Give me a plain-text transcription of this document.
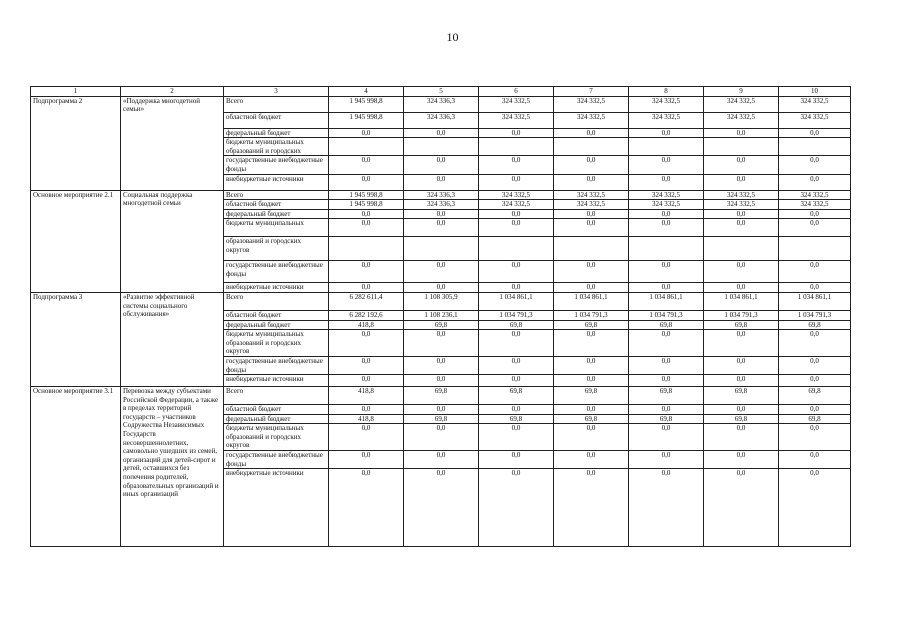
10
1	2	3	4	5	6	7	8	9	10
Подпрограмма 2	«Поддержка многодетной семьи»	Всего	1 945 998,8	324 336,3	324 332,5	324 332,5	324 332,5	324 332,5	324 332,5
		областной бюджет	1 945 998,8	324 336,3	324 332,5	324 332,5	324 332,5	324 332,5	324 332,5
		федеральный бюджет	0,0	0,0	0,0	0,0	0,0	0,0	0,0
		бюджеты муниципальных образований и городских							
		государственные внебюджетные фонды	0,0	0,0	0,0	0,0	0,0	0,0	0,0
		внебюджетные источники	0,0	0,0	0,0	0,0	0,0	0,0	0,0
Основное мероприятие 2.1	Социальная поддержка многодетной семьи	Всего	1 945 998,8	324 336,3	324 332,5	324 332,5	324 332,5	324 332,5	324 332,5
		областной бюджет	1 945 998,8	324 336,3	324 332,5	324 332,5	324 332,5	324 332,5	324 332,5
		федеральный бюджет	0,0	0,0	0,0	0,0	0,0	0,0	0,0
		бюджеты муниципальных	0,0	0,0	0,0	0,0	0,0	0,0	0,0
		образований и городских округов							
		государственные внебюджетные фонды	0,0	0,0	0,0	0,0	0,0	0,0	0,0
		внебюджетные источники	0,0	0,0	0,0	0,0	0,0	0,0	0,0
Подпрограмма 3	«Развитие эффективной системы социального обслуживания»	Всего	6 282 611,4	1 108 305,9	1 034 861,1	1 034 861,1	1 034 861,1	1 034 861,1	1 034 861,1
		областной бюджет	6 282 192,6	1 108 236,1	1 034 791,3	1 034 791,3	1 034 791,3	1 034 791,3	1 034 791,3
		федеральный бюджет	418,8	69,8	69,8	69,8	69,8	69,8	69,8
		бюджеты муниципальных образований и городских округов	0,0	0,0	0,0	0,0	0,0	0,0	0,0
		государственные внебюджетные фонды	0,0	0,0	0,0	0,0	0,0	0,0	0,0
		внебюджетные источники	0,0	0,0	0,0	0,0	0,0	0,0	0,0
Основное мероприятие 3.1	Перевозка между субъектами Российской Федерации, а также в пределах территорий государств – участников Содружества Независимых Государств несовершеннолетних, самовольно ушедших из семей, организаций для детей-сирот и детей, оставшихся без попечения родителей, образовательных организаций и иных организаций	Всего	418,8	69,8	69,8	69,8	69,8	69,8	69,8
		областной бюджет	0,0	0,0	0,0	0,0	0,0	0,0	0,0
		федеральный бюджет	418,8	69,8	69,8	69,8	69,8	69,8	69,8
		бюджеты муниципальных образований и городских округов	0,0	0,0	0,0	0,0	0,0	0,0	0,0
		государственные внебюджетные фонды	0,0	0,0	0,0	0,0	0,0	0,0	0,0
		внебюджетные источники	0,0	0,0	0,0	0,0	0,0	0,0	0,0
